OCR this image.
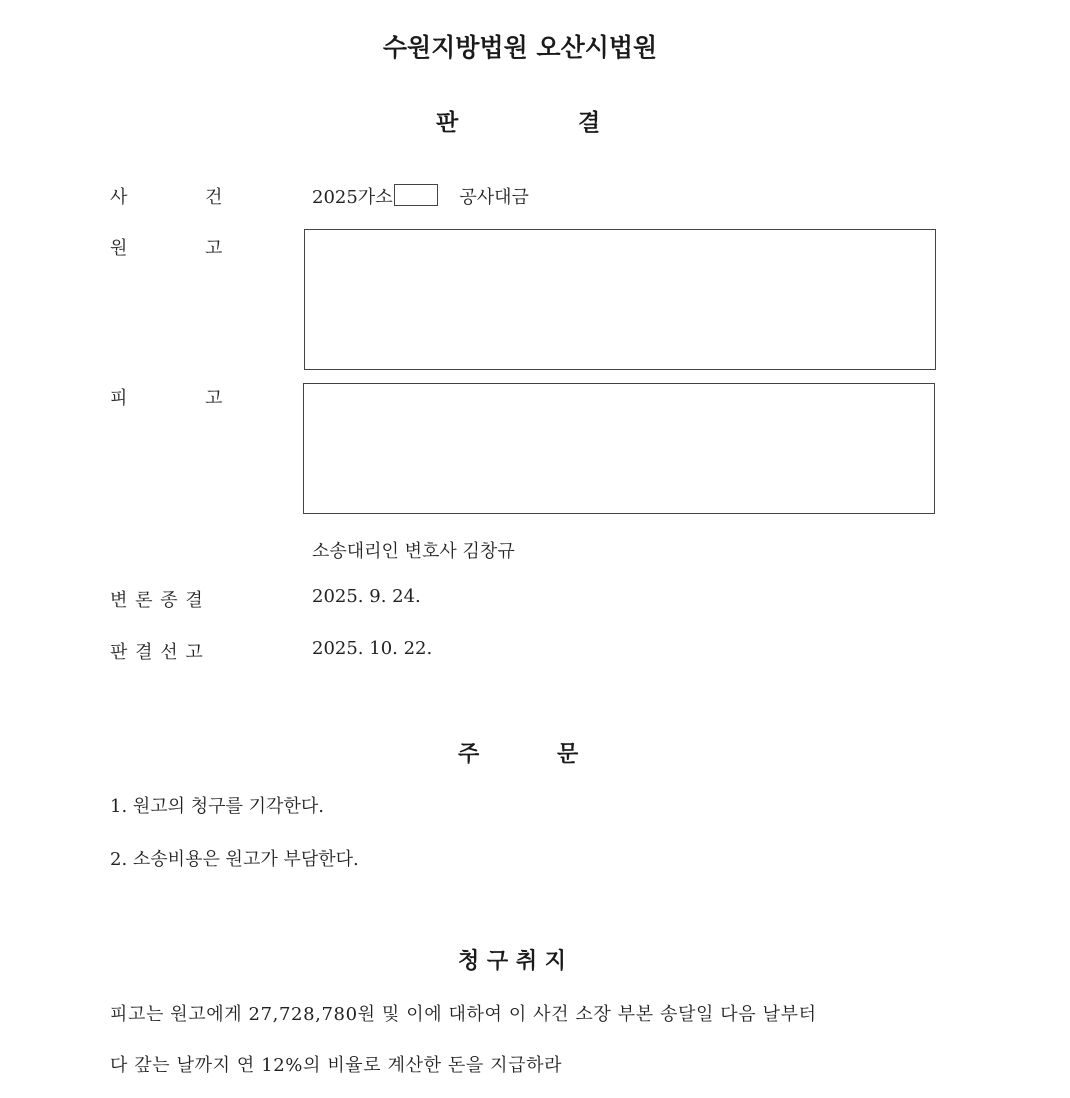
수원지방법원 오산시법원
판	결
사	건	2025가소	공사대금
원	고
피	고
소송대리인 변호사 김창규
변 론 종 결	2025. 9. 24.
판 결 선 고	2025. 10. 22.
주	문
1. 원고의 청구를 기각한다.
2. 소송비용은 원고가 부담한다.
청 구 취 지
피고는 원고에게 27,728,780원 및 이에 대하여 이 사건 소장 부본 송달일 다음 날부터
다 갚는 날까지 연 12%의 비율로 계산한 돈을 지급하라
